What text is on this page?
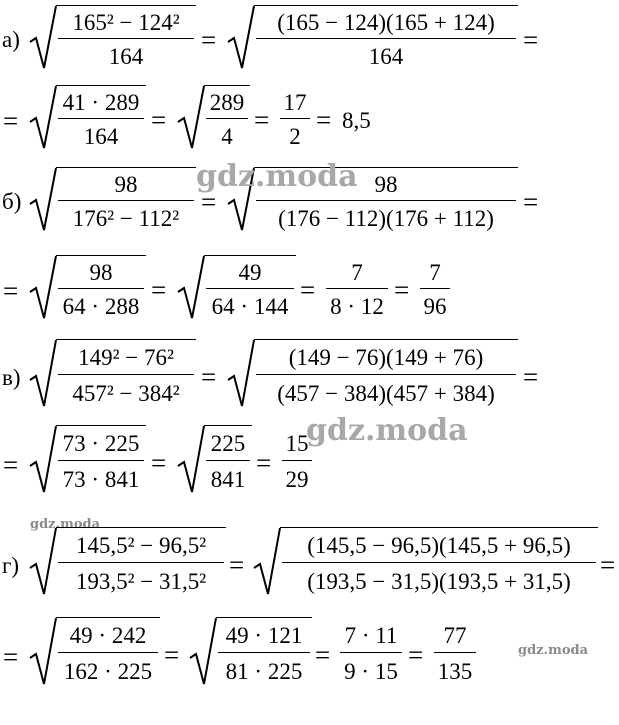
а)
165² − 124²
164
=
(165 − 124)(165 + 124)
164
=
=
41 · 289
164
=
289
4
=
17
2
= 8,5
б)
98
176² − 112²
=
98
(176 − 112)(176 + 112)
=
gdz.moda
=
98
64 · 288
=
49
64 · 144
=
7
8 · 12
=
7
96
в)
149² − 76²
457² − 384²
=
(149 − 76)(149 + 76)
(457 − 384)(457 + 384)
=
gdz.moda
=
73 · 225
73 · 841
=
225
841
=
15
29
gdz.moda
г)
145,5² − 96,5²
193,5² − 31,5²
=
(145,5 − 96,5)(145,5 + 96,5)
(193,5 − 31,5)(193,5 + 31,5)
=
=
49 · 242
162 · 225
=
49 · 121
81 · 225
=
7 · 11
9 · 15
=
77
135
gdz.moda
